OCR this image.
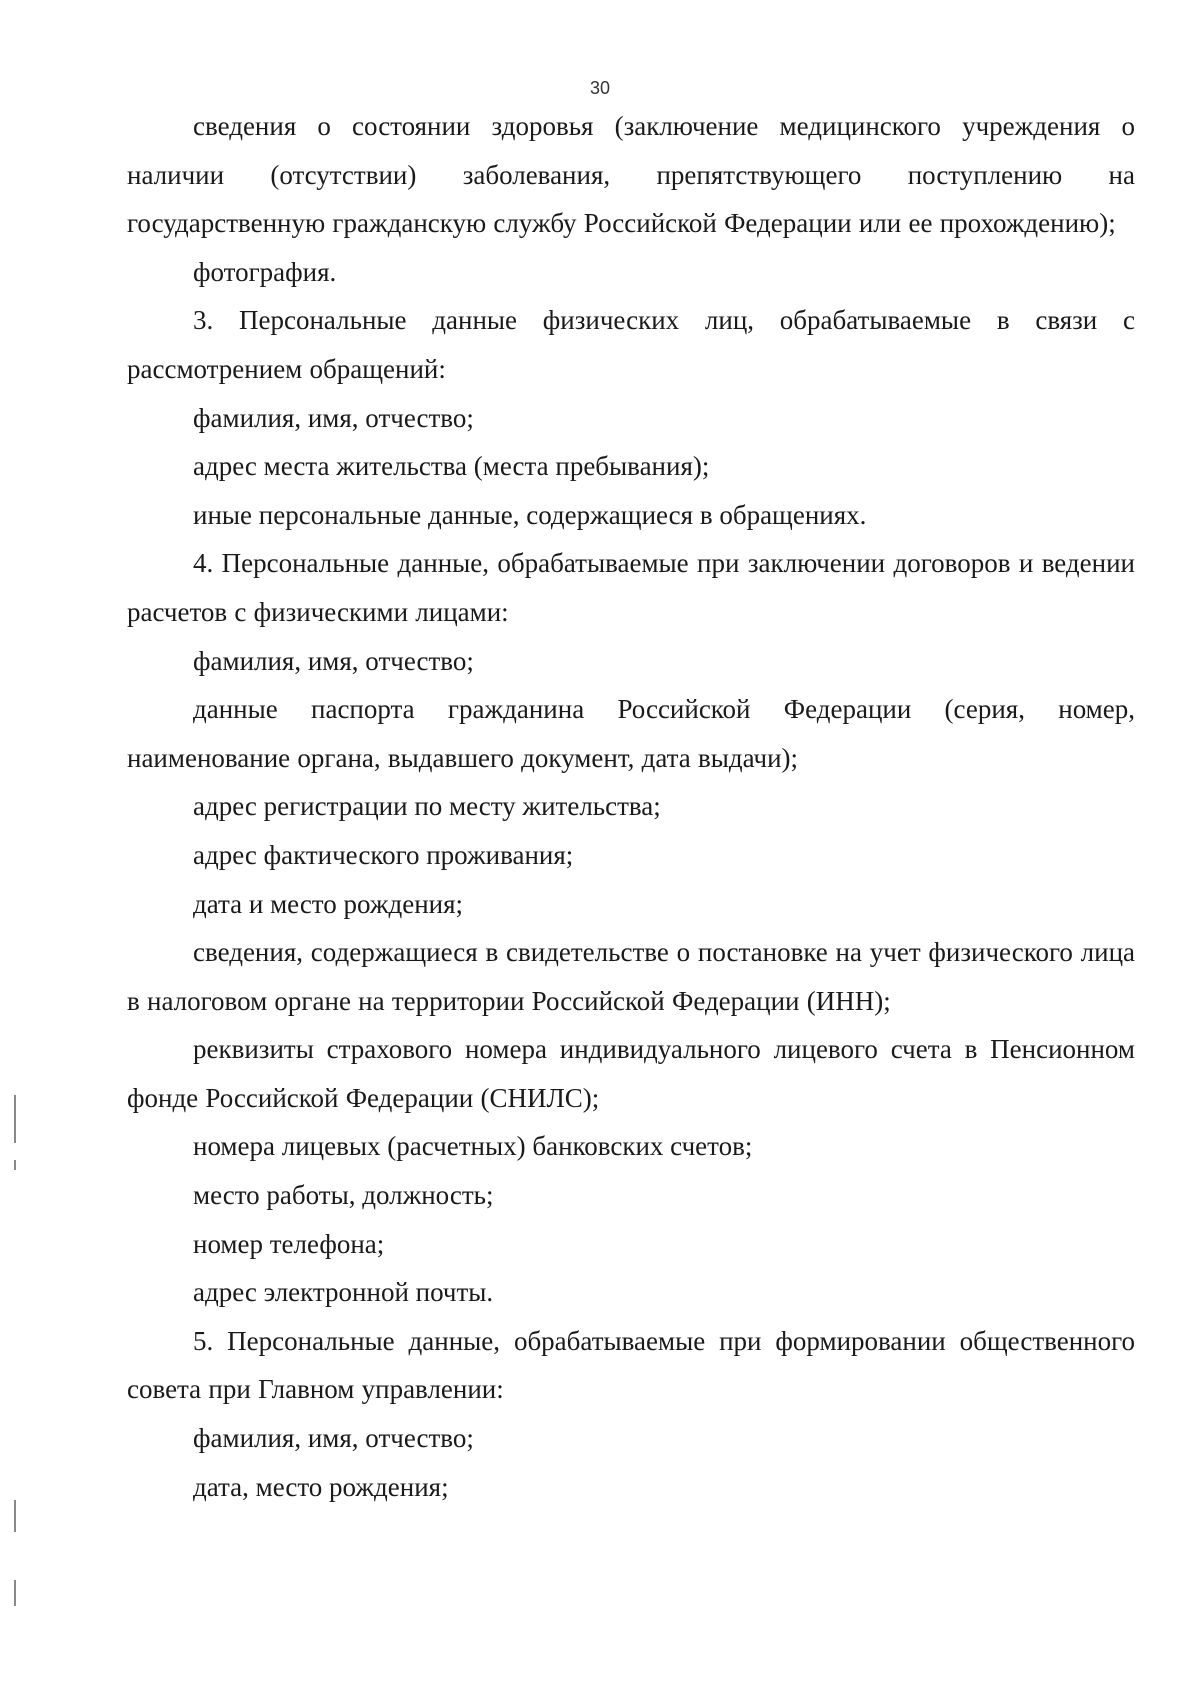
30

сведения о состоянии здоровья (заключение медицинского учреждения о наличии (отсутствии) заболевания, препятствующего поступлению на государственную гражданскую службу Российской Федерации или ее прохождению);

фотография.

3. Персональные данные физических лиц, обрабатываемые в связи с рассмотрением обращений:

фамилия, имя, отчество;

адрес места жительства (места пребывания);

иные персональные данные, содержащиеся в обращениях.

4. Персональные данные, обрабатываемые при заключении договоров и ведении расчетов с физическими лицами:

фамилия, имя, отчество;

данные паспорта гражданина Российской Федерации (серия, номер, наименование органа, выдавшего документ, дата выдачи);

адрес регистрации по месту жительства;

адрес фактического проживания;

дата и место рождения;

сведения, содержащиеся в свидетельстве о постановке на учет физического лица в налоговом органе на территории Российской Федерации (ИНН);

реквизиты страхового номера индивидуального лицевого счета в Пенсионном фонде Российской Федерации (СНИЛС);

номера лицевых (расчетных) банковских счетов;

место работы, должность;

номер телефона;

адрес электронной почты.

5. Персональные данные, обрабатываемые при формировании общественного совета при Главном управлении:

фамилия, имя, отчество;

дата, место рождения;
